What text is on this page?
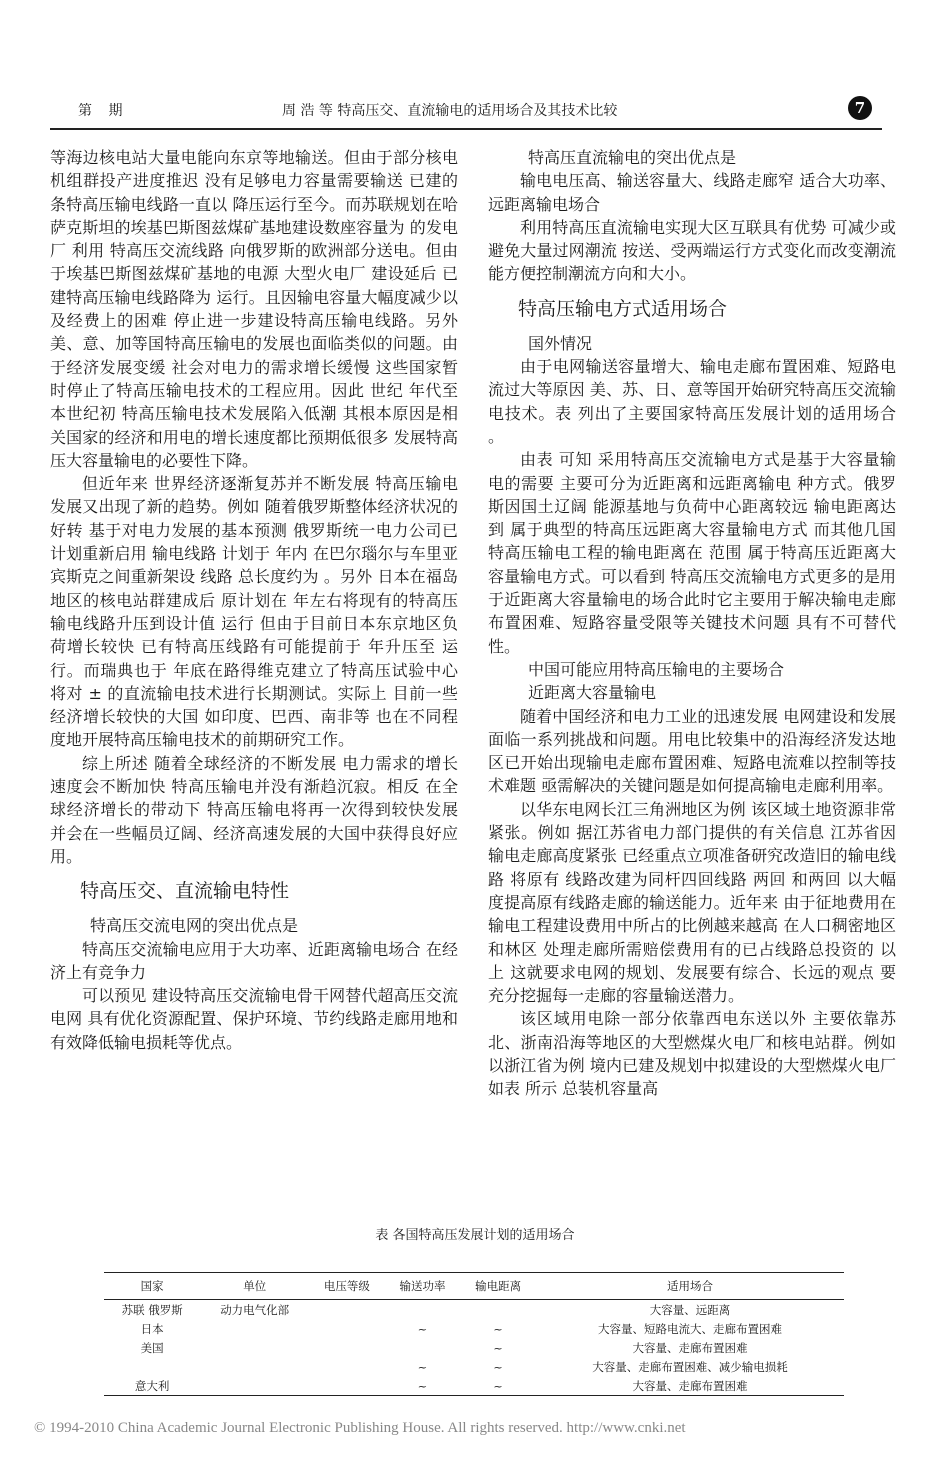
第 期	周 浩 等 特高压交、直流输电的适用场合及其技术比较	7

等海边核电站大量电能向东京等地输送。但由于部分核电机组群投产进度推迟 没有足够电力容量需要输送 已建的 条特高压输电线路一直以 降压运行至今。而苏联规划在哈萨克斯坦的埃基巴斯图兹煤矿基地建设数座容量为 的发电厂 利用 特高压交流线路 向俄罗斯的欧洲部分送电。但由于埃基巴斯图兹煤矿基地的电源 大型火电厂 建设延后 已建特高压输电线路降为 运行。且因输电容量大幅度减少以及经费上的困难 停止进一步建设特高压输电线路。另外美、意、加等国特高压输电的发展也面临类似的问题。由于经济发展变缓 社会对电力的需求增长缓慢 这些国家暂时停止了特高压输电技术的工程应用。因此 世纪 年代至本世纪初 特高压输电技术发展陷入低潮 其根本原因是相关国家的经济和用电的增长速度都比预期低很多 发展特高压大容量输电的必要性下降。

但近年来 世界经济逐渐复苏并不断发展 特高压输电发展又出现了新的趋势。例如 随着俄罗斯整体经济状况的好转 基于对电力发展的基本预测 俄罗斯统一电力公司已计划重新启用 输电线路 计划于 年内 在巴尔瑙尔与车里亚宾斯克之间重新架设 线路 总长度约为 。另外 日本在福岛地区的核电站群建成后 原计划在 年左右将现有的特高压输电线路升压到设计值 运行 但由于目前日本东京地区负荷增长较快 已有特高压线路有可能提前于 年升压至 运行。而瑞典也于 年底在路得维克建立了特高压试验中心 将对 ± 的直流输电技术进行长期测试。实际上 目前一些经济增长较快的大国 如印度、巴西、南非等 也在不同程度地开展特高压输电技术的前期研究工作。

综上所述 随着全球经济的不断发展 电力需求的增长速度会不断加快 特高压输电并没有渐趋沉寂。相反 在全球经济增长的带动下 特高压输电将再一次得到较快发展 并会在一些幅员辽阔、经济高速发展的大国中获得良好应用。

特高压交、直流输电特性

特高压交流电网的突出优点是

特高压交流输电应用于大功率、近距离输电场合 在经济上有竞争力

可以预见 建设特高压交流输电骨干网替代超高压交流电网 具有优化资源配置、保护环境、节约线路走廊用地和有效降低输电损耗等优点。

特高压直流输电的突出优点是

输电电压高、输送容量大、线路走廊窄 适合大功率、远距离输电场合

利用特高压直流输电实现大区互联具有优势 可减少或避免大量过网潮流 按送、受两端运行方式变化而改变潮流 能方便控制潮流方向和大小。

特高压输电方式适用场合

国外情况

由于电网输送容量增大、输电走廊布置困难、短路电流过大等原因 美、苏、日、意等国开始研究特高压交流输电技术。表 列出了主要国家特高压发展计划的适用场合 。

由表 可知 采用特高压交流输电方式是基于大容量输电的需要 主要可分为近距离和远距离输电 种方式。俄罗斯因国土辽阔 能源基地与负荷中心距离较远 输电距离达到 属于典型的特高压远距离大容量输电方式 而其他几国特高压输电工程的输电距离在 范围 属于特高压近距离大容量输电方式。可以看到 特高压交流输电方式更多的是用于近距离大容量输电的场合此时它主要用于解决输电走廊布置困难、短路容量受限等关键技术问题 具有不可替代性。

中国可能应用特高压输电的主要场合

近距离大容量输电

随着中国经济和电力工业的迅速发展 电网建设和发展面临一系列挑战和问题。用电比较集中的沿海经济发达地区已开始出现输电走廊布置困难、短路电流难以控制等技术难题 亟需解决的关键问题是如何提高输电走廊利用率。

以华东电网长江三角洲地区为例 该区域土地资源非常紧张。例如 据江苏省电力部门提供的有关信息 江苏省因输电走廊高度紧张 已经重点立项准备研究改造旧的输电线路 将原有 线路改建为同杆四回线路 两回 和两回 以大幅度提高原有线路走廊的输送能力。近年来 由于征地费用在输电工程建设费用中所占的比例越来越高 在人口稠密地区和林区 处理走廊所需赔偿费用有的已占线路总投资的 以上 这就要求电网的规划、发展要有综合、长远的观点 要充分挖掘每一走廊的容量输送潜力。

该区域用电除一部分依靠西电东送以外 主要依靠苏北、浙南沿海等地区的大型燃煤火电厂和核电站群。例如 以浙江省为例 境内已建及规划中拟建设的大型燃煤火电厂如表 所示 总装机容量高

表 各国特高压发展计划的适用场合
国家	单位	电压等级	输送功率	输电距离	适用场合
苏联 俄罗斯	动力电气化部				大容量、远距离
日本			~	~	大容量、短路电流大、走廊布置困难
美国				~	大容量、走廊布置困难
			~	~	大容量、走廊布置困难、减少输电损耗
意大利			~	~	大容量、走廊布置困难
© 1994-2010 China Academic Journal Electronic Publishing House. All rights reserved. http://www.cnki.net
